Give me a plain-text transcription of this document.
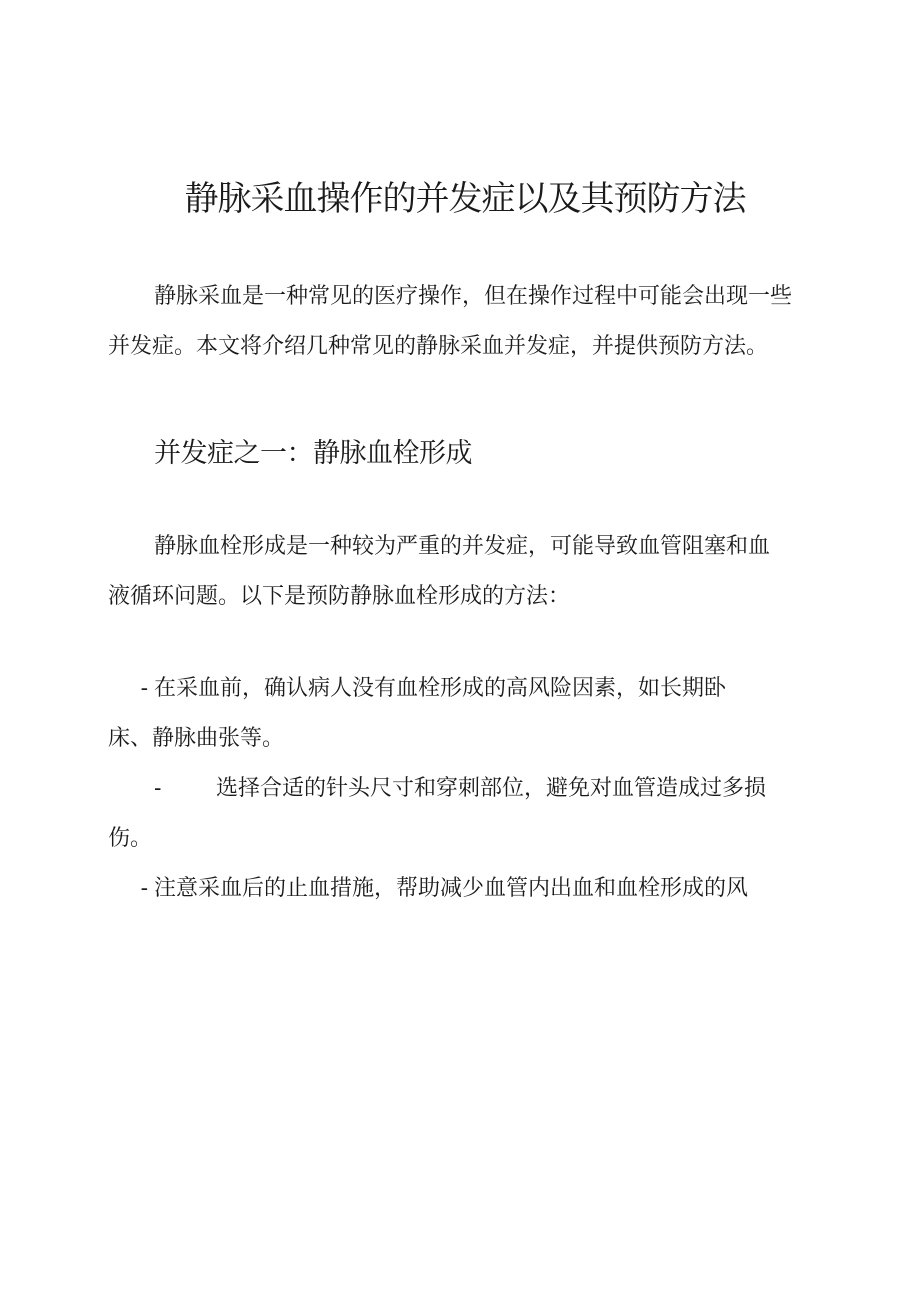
静脉采血操作的并发症以及其预防方法

静脉采血是一种常见的医疗操作，但在操作过程中可能会出现一些
并发症。本文将介绍几种常见的静脉采血并发症，并提供预防方法。

并发症之一：静脉血栓形成

静脉血栓形成是一种较为严重的并发症，可能导致血管阻塞和血
液循环问题。以下是预防静脉血栓形成的方法：

- 在采血前，确认病人没有血栓形成的高风险因素，如长期卧
床、静脉曲张等。

- 选择合适的针头尺寸和穿刺部位，避免对血管造成过多损
伤。

- 注意采血后的止血措施，帮助减少血管内出血和血栓形成的风
